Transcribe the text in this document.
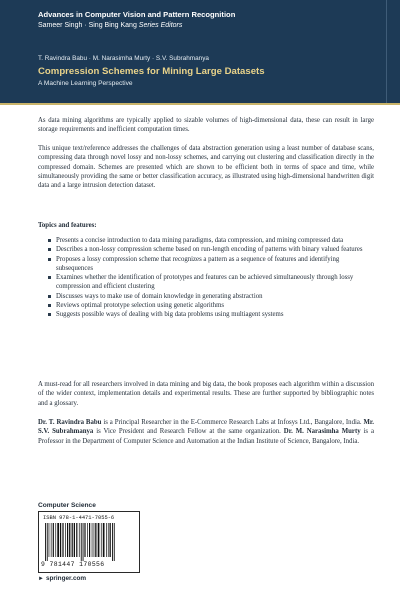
Advances in Computer Vision and Pattern Recognition
Sameer Singh · Sing Bing Kang Series Editors
T. Ravindra Babu · M. Narasimha Murty · S.V. Subrahmanya
Compression Schemes for Mining Large Datasets
A Machine Learning Perspective

As data mining algorithms are typically applied to sizable volumes of high-dimensional data, these can result in large storage requirements and inefficient computation times.

This unique text/reference addresses the challenges of data abstraction generation using a least number of database scans, compressing data through novel lossy and non-lossy schemes, and carrying out clustering and classification directly in the compressed domain. Schemes are presented which are shown to be efficient both in terms of space and time, while simultaneously providing the same or better classification accuracy, as illustrated using high-dimensional handwritten digit data and a large intrusion detection dataset.

Topics and features:

Presents a concise introduction to data mining paradigms, data compression, and mining compressed data
Describes a non-lossy compression scheme based on run-length encoding of patterns with binary valued features
Proposes a lossy compression scheme that recognizes a pattern as a sequence of features and identifying subsequences
Examines whether the identification of prototypes and features can be achieved simultaneously through lossy compression and efficient clustering
Discusses ways to make use of domain knowledge in generating abstraction
Reviews optimal prototype selection using genetic algorithms
Suggests possible ways of dealing with big data problems using multiagent systems

A must-read for all researchers involved in data mining and big data, the book proposes each algorithm within a discussion of the wider context, implementation details and experimental results. These are further supported by bibliographic notes and a glossary.

Dr. T. Ravindra Babu is a Principal Researcher in the E-Commerce Research Labs at Infosys Ltd., Bangalore, India. Mr. S.V. Subrahmanya is Vice President and Research Fellow at the same organization. Dr. M. Narasimha Murty is a Professor in the Department of Computer Science and Automation at the Indian Institute of Science, Bangalore, India.

Computer Science
ISBN 978-1-4471-7055-6
9 781447 170556
► springer.com
